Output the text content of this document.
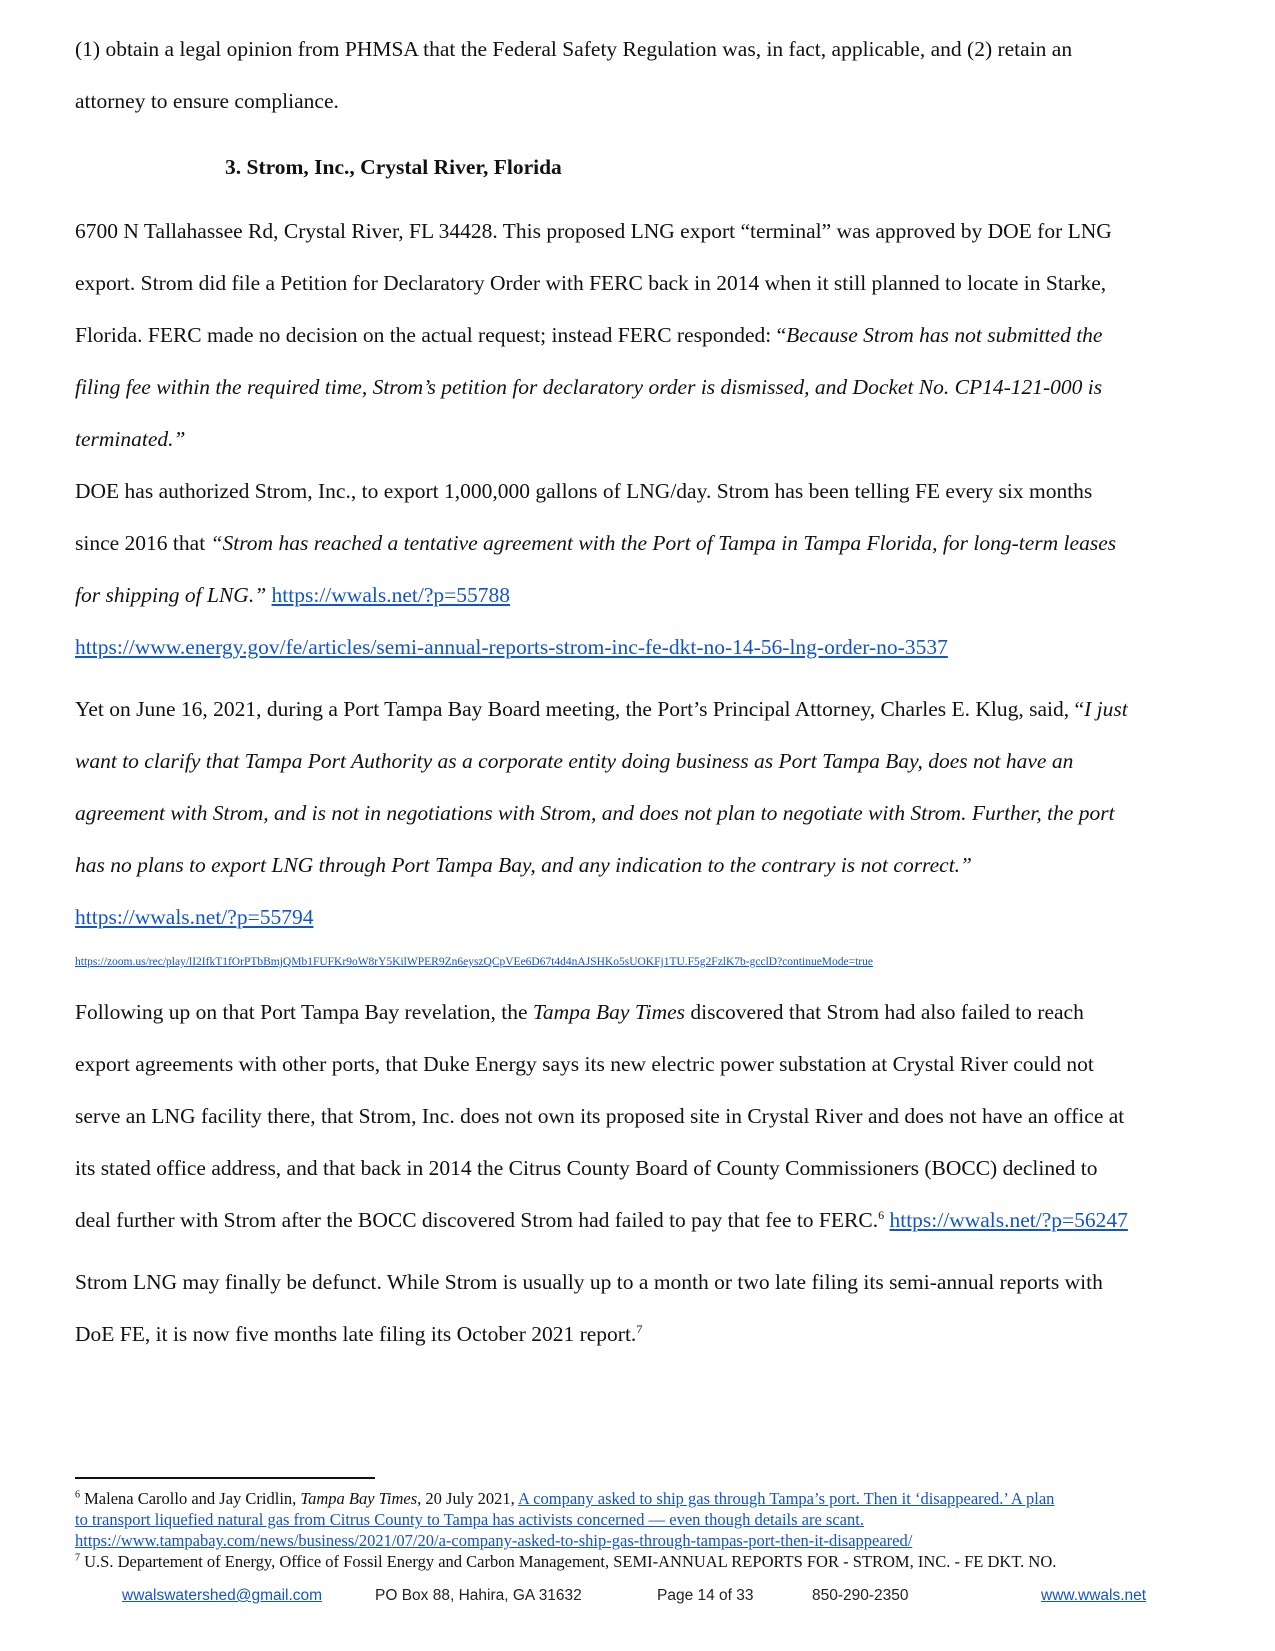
(1) obtain a legal opinion from PHMSA that the Federal Safety Regulation was, in fact, applicable, and (2) retain an
attorney to ensure compliance.
3. Strom, Inc., Crystal River, Florida
6700 N Tallahassee Rd, Crystal River, FL 34428. This proposed LNG export “terminal” was approved by DOE for LNG
export. Strom did file a Petition for Declaratory Order with FERC back in 2014 when it still planned to locate in Starke,
Florida. FERC made no decision on the actual request; instead FERC responded: “Because Strom has not submitted the
filing fee within the required time, Strom’s petition for declaratory order is dismissed, and Docket No. CP14-121-000 is
terminated.”
DOE has authorized Strom, Inc., to export 1,000,000 gallons of LNG/day. Strom has been telling FE every six months
since 2016 that “Strom has reached a tentative agreement with the Port of Tampa in Tampa Florida, for long-term leases
for shipping of LNG.” https://wwals.net/?p=55788
https://www.energy.gov/fe/articles/semi-annual-reports-strom-inc-fe-dkt-no-14-56-lng-order-no-3537
Yet on June 16, 2021, during a Port Tampa Bay Board meeting, the Port’s Principal Attorney, Charles E. Klug, said, “I just
want to clarify that Tampa Port Authority as a corporate entity doing business as Port Tampa Bay, does not have an
agreement with Strom, and is not in negotiations with Strom, and does not plan to negotiate with Strom. Further, the port
has no plans to export LNG through Port Tampa Bay, and any indication to the contrary is not correct.”
https://wwals.net/?p=55794
https://zoom.us/rec/play/lI2IfkT1fOrPTbBmjQMb1FUFKr9oW8rY5KilWPER9Zn6eyszQCpVEe6D67t4d4nAJSHKo5sUOKFj1TU.F5g2FzlK7b-gcclD?continueMode=true
Following up on that Port Tampa Bay revelation, the Tampa Bay Times discovered that Strom had also failed to reach
export agreements with other ports, that Duke Energy says its new electric power substation at Crystal River could not
serve an LNG facility there, that Strom, Inc. does not own its proposed site in Crystal River and does not have an office at
its stated office address, and that back in 2014 the Citrus County Board of County Commissioners (BOCC) declined to
deal further with Strom after the BOCC discovered Strom had failed to pay that fee to FERC.$^6$ https://wwals.net/?p=56247
Strom LNG may finally be defunct. While Strom is usually up to a month or two late filing its semi-annual reports with
DoE FE, it is now five months late filing its October 2021 report.$^7$
$^6$ Malena Carollo and Jay Cridlin, Tampa Bay Times, 20 July 2021, A company asked to ship gas through Tampa’s port. Then it ‘disappeared.’ A plan
to transport liquefied natural gas from Citrus County to Tampa has activists concerned — even though details are scant.
https://www.tampabay.com/news/business/2021/07/20/a-company-asked-to-ship-gas-through-tampas-port-then-it-disappeared/
$^7$ U.S. Departement of Energy, Office of Fossil Energy and Carbon Management, SEMI-ANNUAL REPORTS FOR - STROM, INC. - FE DKT. NO.
wwalswatershed@gmail.com	PO Box 88, Hahira, GA 31632	Page 14 of 33	850-290-2350	www.wwals.net
